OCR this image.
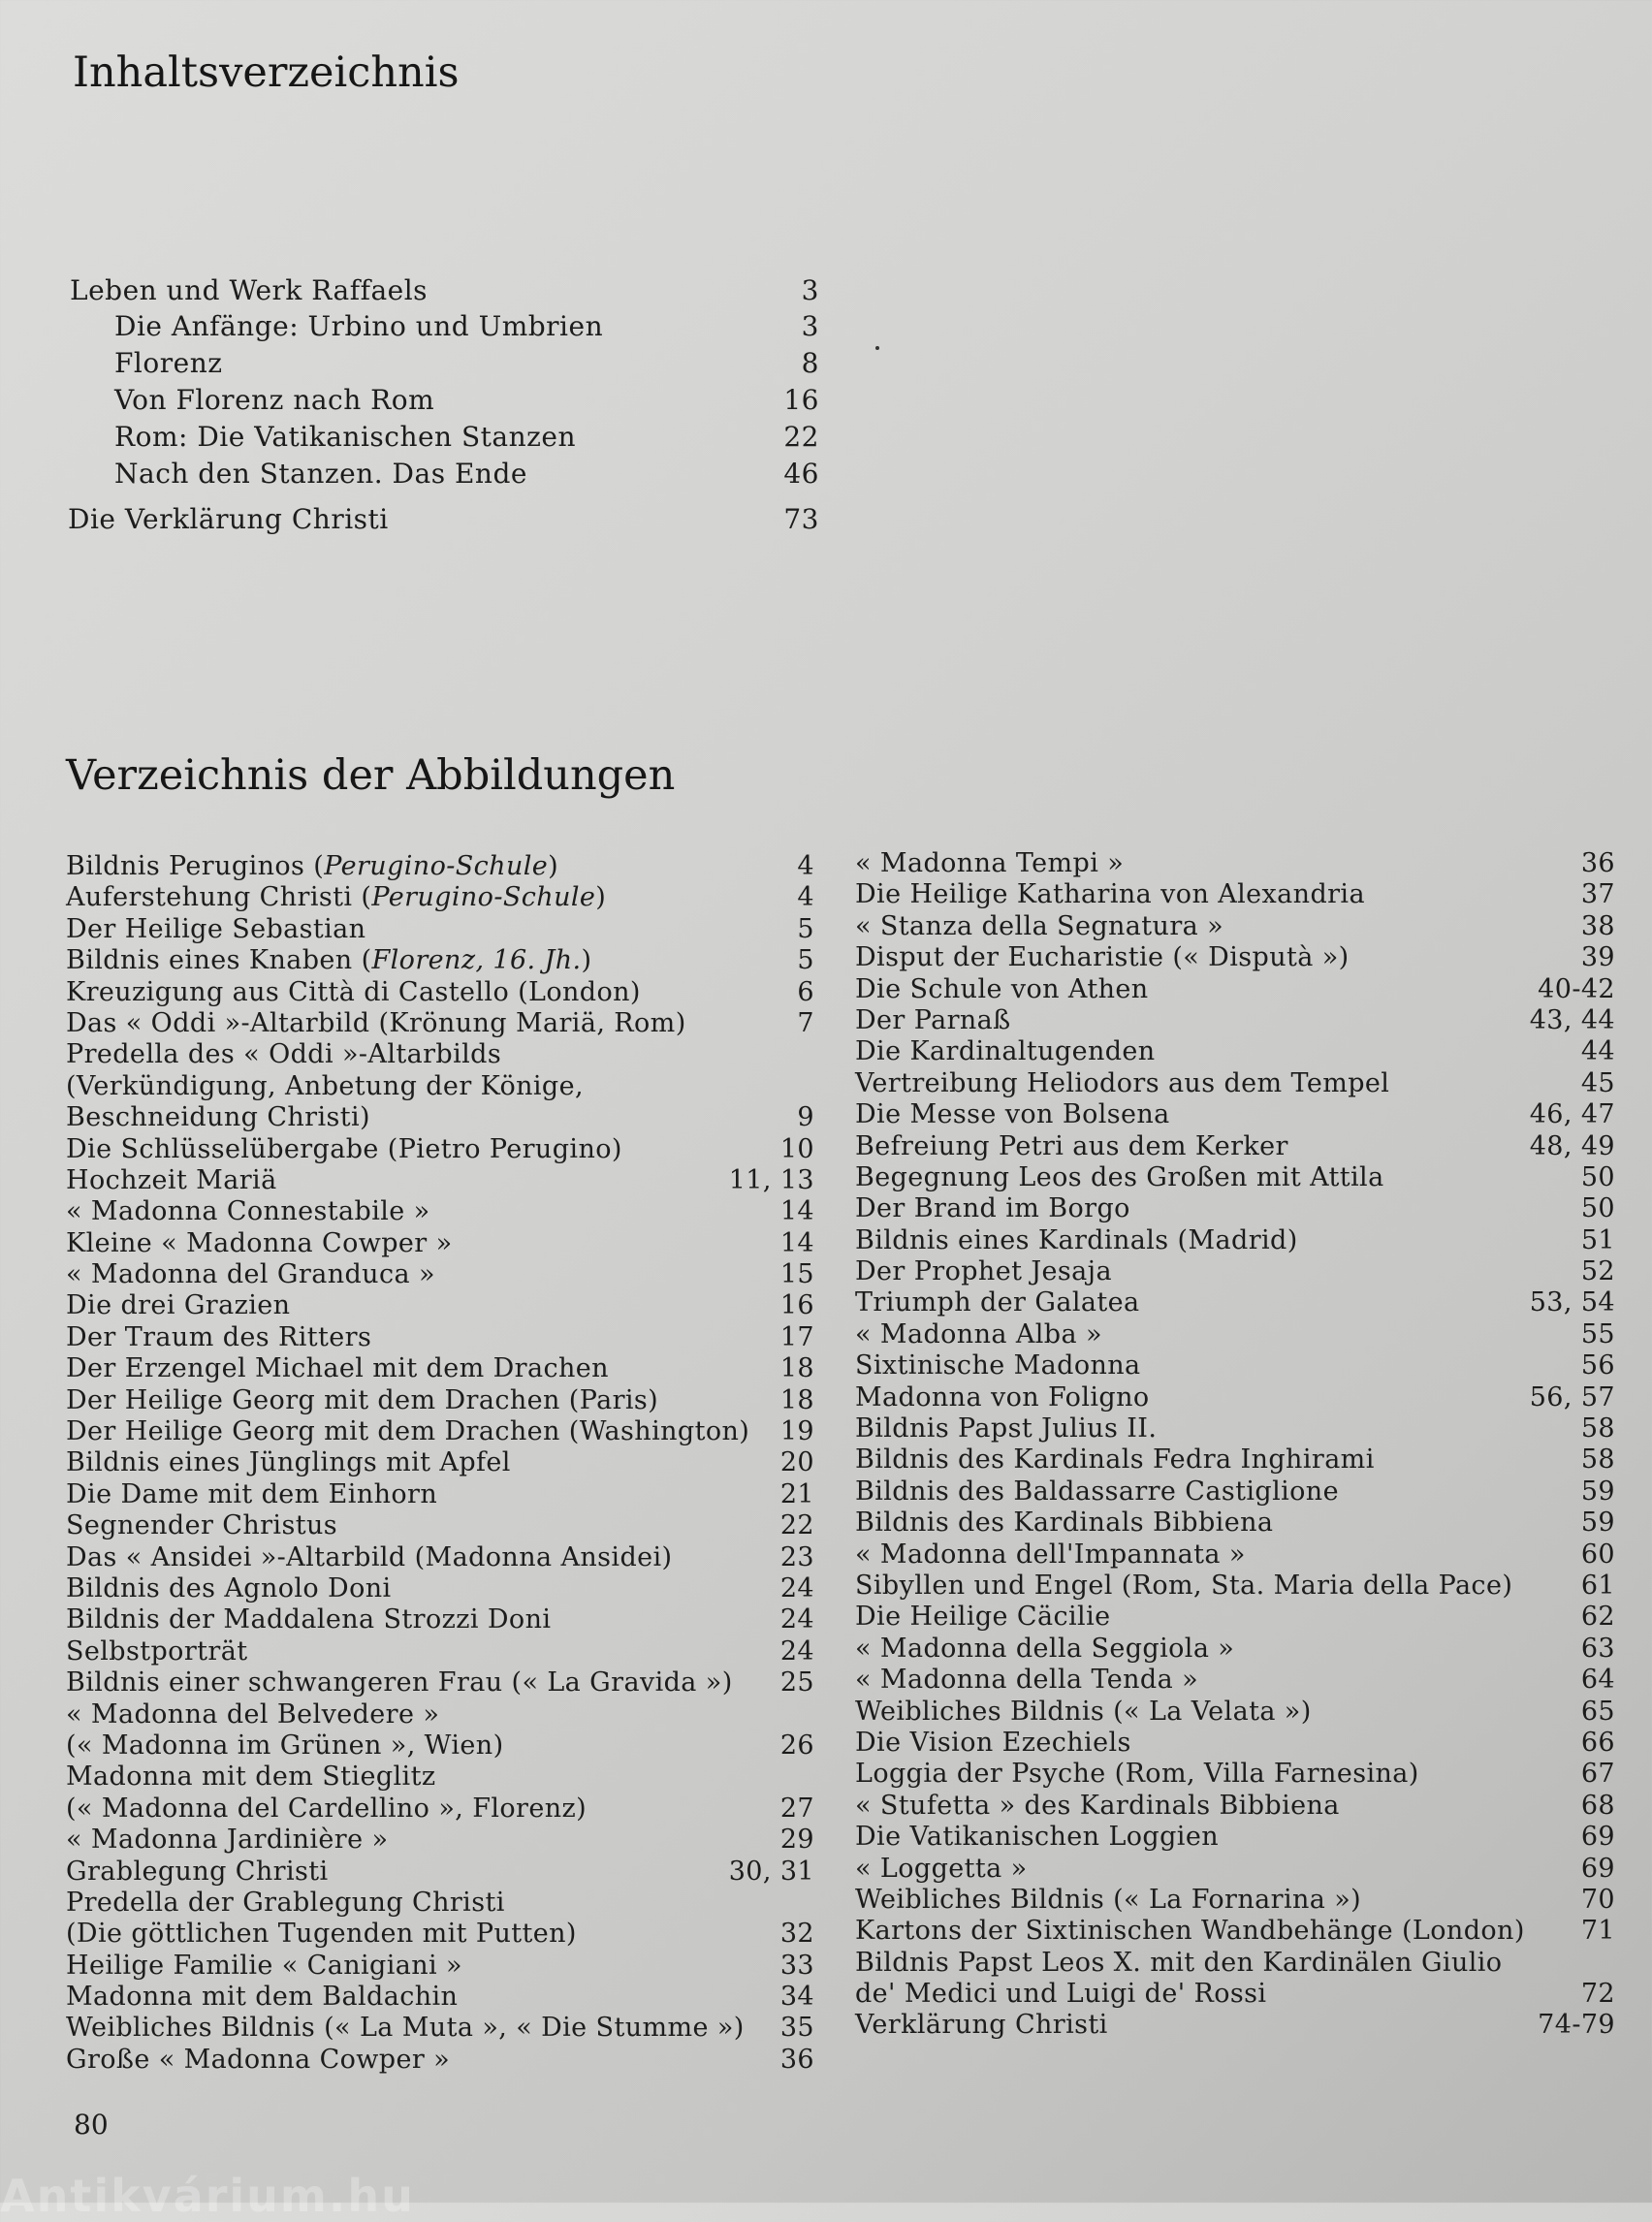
Inhaltsverzeichnis
Leben und Werk Raffaels	3
Die Anfänge: Urbino und Umbrien	3
Florenz	8
Von Florenz nach Rom	16
Rom: Die Vatikanischen Stanzen	22
Nach den Stanzen. Das Ende	46
Die Verklärung Christi	73
Verzeichnis der Abbildungen
Bildnis Peruginos (Perugino-Schule)	4
Auferstehung Christi (Perugino-Schule)	4
Der Heilige Sebastian	5
Bildnis eines Knaben (Florenz, 16. Jh.)	5
Kreuzigung aus Città di Castello (London)	6
Das « Oddi »-Altarbild (Krönung Mariä, Rom)	7
Predella des « Oddi »-Altarbilds
(Verkündigung, Anbetung der Könige,
Beschneidung Christi)	9
Die Schlüsselübergabe (Pietro Perugino)	10
Hochzeit Mariä	11, 13
« Madonna Connestabile »	14
Kleine « Madonna Cowper »	14
« Madonna del Granduca »	15
Die drei Grazien	16
Der Traum des Ritters	17
Der Erzengel Michael mit dem Drachen	18
Der Heilige Georg mit dem Drachen (Paris)	18
Der Heilige Georg mit dem Drachen (Washington) 19
Bildnis eines Jünglings mit Apfel	20
Die Dame mit dem Einhorn	21
Segnender Christus	22
Das « Ansidei »-Altarbild (Madonna Ansidei)	23
Bildnis des Agnolo Doni	24
Bildnis der Maddalena Strozzi Doni	24
Selbstporträt	24
Bildnis einer schwangeren Frau (« La Gravida ») 25
« Madonna del Belvedere »
(« Madonna im Grünen », Wien)	26
Madonna mit dem Stieglitz
(« Madonna del Cardellino », Florenz)	27
« Madonna Jardinière »	29
Grablegung Christi	30, 31
Predella der Grablegung Christi
(Die göttlichen Tugenden mit Putten)	32
Heilige Familie « Canigiani »	33
Madonna mit dem Baldachin	34
Weibliches Bildnis (« La Muta », « Die Stumme ») 35
Große « Madonna Cowper »	36
« Madonna Tempi »	36
Die Heilige Katharina von Alexandria	37
« Stanza della Segnatura »	38
Disput der Eucharistie (« Disputà »)	39
Die Schule von Athen	40-42
Der Parnaß	43, 44
Die Kardinaltugenden	44
Vertreibung Heliodors aus dem Tempel	45
Die Messe von Bolsena	46, 47
Befreiung Petri aus dem Kerker	48, 49
Begegnung Leos des Großen mit Attila	50
Der Brand im Borgo	50
Bildnis eines Kardinals (Madrid)	51
Der Prophet Jesaja	52
Triumph der Galatea	53, 54
« Madonna Alba »	55
Sixtinische Madonna	56
Madonna von Foligno	56, 57
Bildnis Papst Julius II.	58
Bildnis des Kardinals Fedra Inghirami	58
Bildnis des Baldassarre Castiglione	59
Bildnis des Kardinals Bibbiena	59
« Madonna dell'Impannata »	60
Sibyllen und Engel (Rom, Sta. Maria della Pace)	61
Die Heilige Cäcilie	62
« Madonna della Seggiola »	63
« Madonna della Tenda »	64
Weibliches Bildnis (« La Velata »)	65
Die Vision Ezechiels	66
Loggia der Psyche (Rom, Villa Farnesina)	67
« Stufetta » des Kardinals Bibbiena	68
Die Vatikanischen Loggien	69
« Loggetta »	69
Weibliches Bildnis (« La Fornarina »)	70
Kartons der Sixtinischen Wandbehänge (London) 71
Bildnis Papst Leos X. mit den Kardinälen Giulio
de' Medici und Luigi de' Rossi	72
Verklärung Christi	74-79
80
Antikvárium.hu
